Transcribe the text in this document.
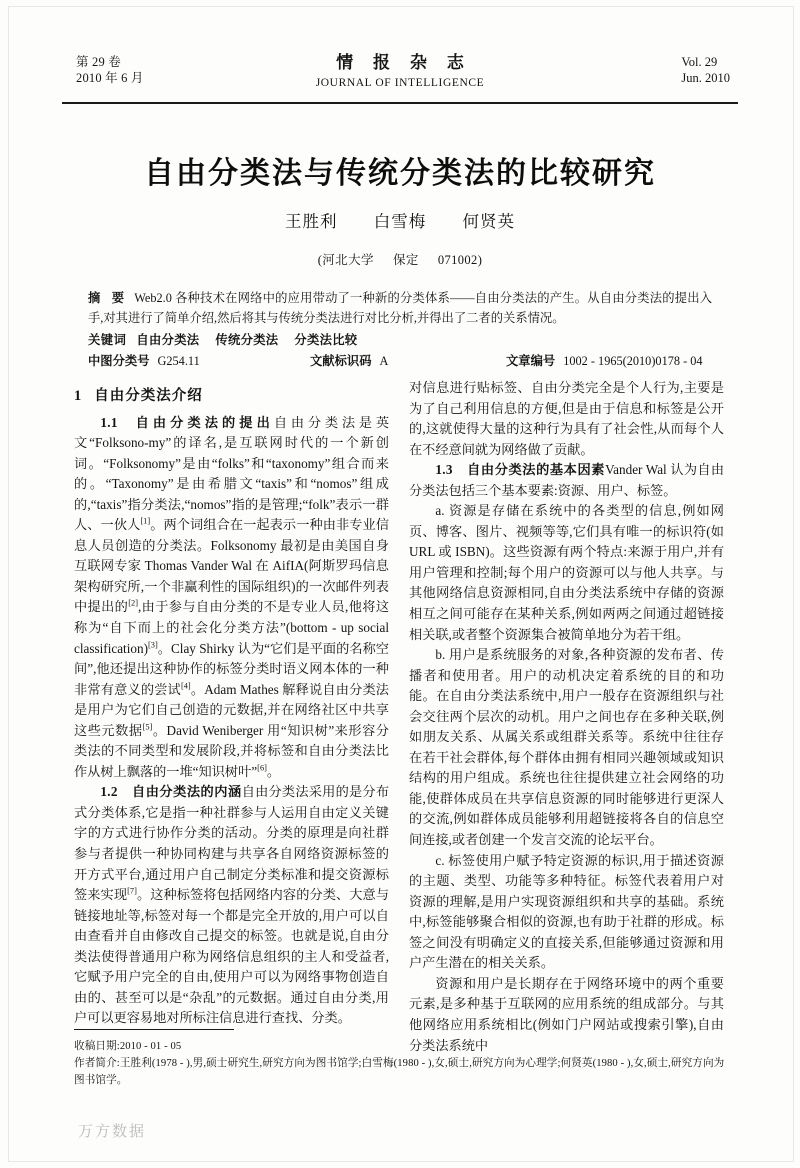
第 29 卷
2010 年 6 月
情 报 杂 志
JOURNAL OF INTELLIGENCE
Vol. 29
Jun. 2010
自由分类法与传统分类法的比较研究
王胜利 白雪梅 何贤英
(河北大学 保定 071002)
摘 要 Web2.0 各种技术在网络中的应用带动了一种新的分类体系——自由分类法的产生。从自由分类法的提出入手,对其进行了简单介绍,然后将其与传统分类法进行对比分析,并得出了二者的关系情况。
关键词 自由分类法 传统分类法 分类法比较
中图分类号 G254.11	文献标识码 A	文章编号 1002 - 1965(2010)0178 - 04
1 自由分类法介绍

1.1 自由分类法的提出自由分类法是英文“Folksono-my”的译名,是互联网时代的一个新创词。“Folksonomy”是由“folks”和“taxonomy”组合而来的。“Taxonomy”是由希腊文“taxis”和“nomos”组成的,“taxis”指分类法,“nomos”指的是管理;“folk”表示一群人、一伙人[1]。两个词组合在一起表示一种由非专业信息人员创造的分类法。Folksonomy 最初是由美国自身互联网专家 Thomas Vander Wal 在 AifIA(阿斯罗玛信息架构研究所,一个非赢利性的国际组织)的一次邮件列表中提出的[2],由于参与自由分类的不是专业人员,他将这称为“自下而上的社会化分类方法”(bottom - up social classification)[3]。Clay Shirky 认为“它们是平面的名称空间”,他还提出这种协作的标签分类时语义网本体的一种非常有意义的尝试[4]。Adam Mathes 解释说自由分类法是用户为它们自己创造的元数据,并在网络社区中共享这些元数据[5]。David Weniberger 用“知识树”来形容分类法的不同类型和发展阶段,并将标签和自由分类法比作从树上飘落的一堆“知识树叶”[6]。

1.2 自由分类法的内涵自由分类法采用的是分布式分类体系,它是指一种社群参与人运用自由定义关键字的方式进行协作分类的活动。分类的原理是向社群参与者提供一种协同构建与共享各自网络资源标签的开方式平台,通过用户自己制定分类标准和提交资源标签来实现[7]。这种标签将包括网络内容的分类、大意与链接地址等,标签对每一个都是完全开放的,用户可以自由查看并自由修改自己提交的标签。也就是说,自由分类法使得普通用户称为网络信息组织的主人和受益者,它赋予用户完全的自由,使用户可以为网络事物创造自由的、甚至可以是“杂乱”的元数据。通过自由分类,用户可以更容易地对所标注信息进行查找、分类。

对信息进行贴标签、自由分类完全是个人行为,主要是为了自己利用信息的方便,但是由于信息和标签是公开的,这就使得大量的这种行为具有了社会性,从而每个人在不经意间就为网络做了贡献。

1.3 自由分类法的基本因素Vander Wal 认为自由分类法包括三个基本要素:资源、用户、标签。

a. 资源是存储在系统中的各类型的信息,例如网页、博客、图片、视频等等,它们具有唯一的标识符(如 URL 或 ISBN)。这些资源有两个特点:来源于用户,并有用户管理和控制;每个用户的资源可以与他人共享。与其他网络信息资源相同,自由分类法系统中存储的资源相互之间可能存在某种关系,例如两两之间通过超链接相关联,或者整个资源集合被简单地分为若干组。

b. 用户是系统服务的对象,各种资源的发布者、传播者和使用者。用户的动机决定着系统的目的和功能。在自由分类法系统中,用户一般存在资源组织与社会交往两个层次的动机。用户之间也存在多种关联,例如朋友关系、从属关系或组群关系等。系统中往往存在若干社会群体,每个群体由拥有相同兴趣领域或知识结构的用户组成。系统也往往提供建立社会网络的功能,使群体成员在共享信息资源的同时能够进行更深人的交流,例如群体成员能够利用超链接将各自的信息空间连接,或者创建一个发言交流的论坛平台。

c. 标签使用户赋予特定资源的标识,用于描述资源的主题、类型、功能等多种特征。标签代表着用户对资源的理解,是用户实现资源组织和共享的基础。系统中,标签能够聚合相似的资源,也有助于社群的形成。标签之间没有明确定义的直接关系,但能够通过资源和用户产生潜在的相关关系。

资源和用户是长期存在于网络环境中的两个重要元素,是多种基于互联网的应用系统的组成部分。与其他网络应用系统相比(例如门户网站或搜索引擎),自由分类法系统中

收稿日期:2010 - 01 - 05
作者简介:王胜利(1978 - ),男,硕士研究生,研究方向为图书馆学;白雪梅(1980 - ),女,硕士,研究方向为心理学;何贤英(1980 - ),女,硕士,研究方向为图书馆学。
万方数据
